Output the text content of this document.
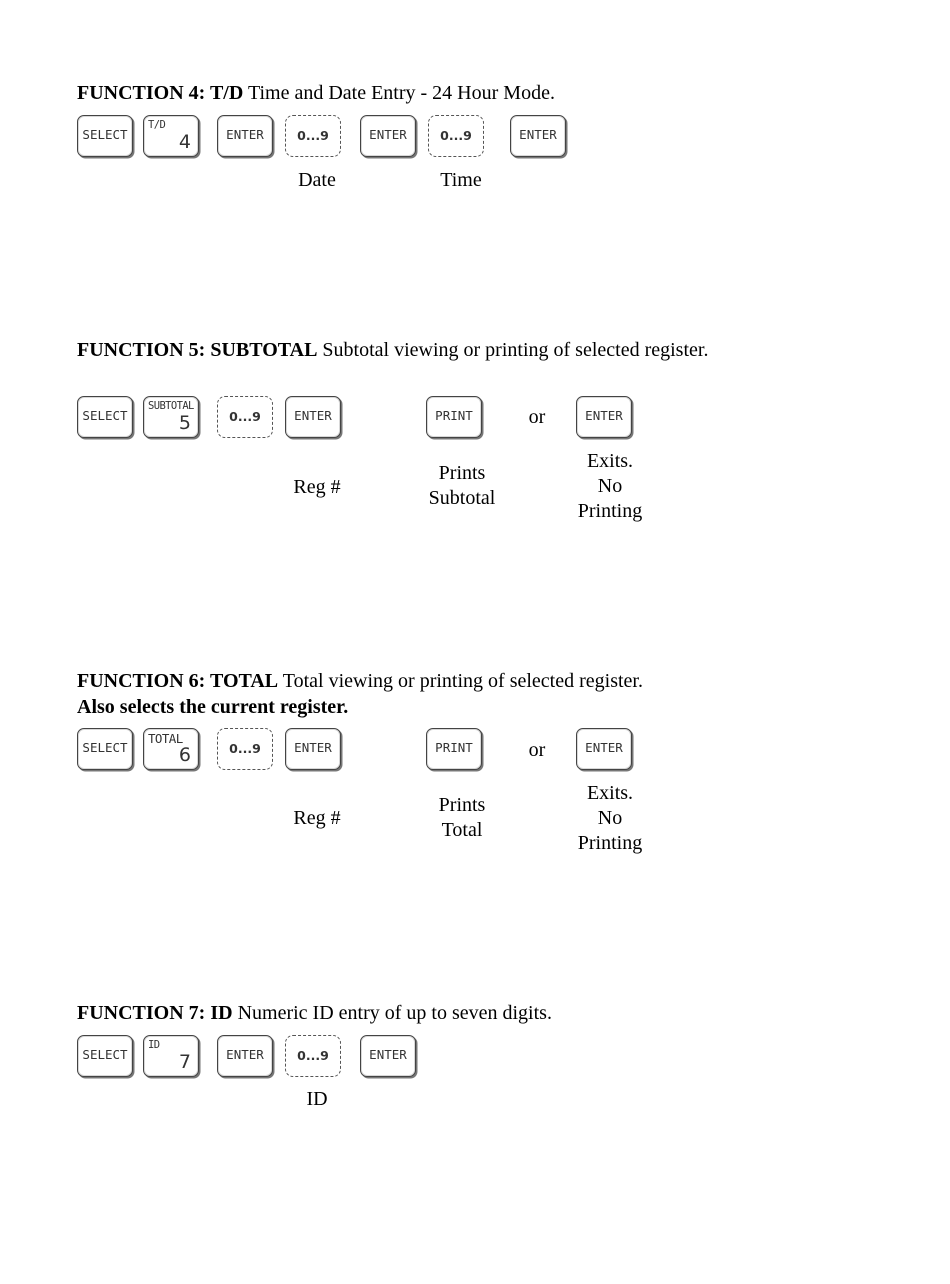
FUNCTION 4: T/D Time and Date Entry - 24 Hour Mode.
SELECT
T/D
4	ENTER	0...9	ENTER	0...9	ENTER
Date	Time
FUNCTION 5: SUBTOTAL Subtotal viewing or printing of selected register.
SELECT
SUBTOTAL
5	0...9	ENTER	PRINT	or	ENTER
Reg #
Prints
Subtotal
Exits.
No
Printing
FUNCTION 6: TOTAL Total viewing or printing of selected register.
Also selects the current register.
SELECT
TOTAL
6	0...9	ENTER	PRINT	or	ENTER
Reg #
Prints
Total
Exits.
No
Printing
FUNCTION 7: ID Numeric ID entry of up to seven digits.
SELECT
ID
7	ENTER	0...9	ENTER
ID
